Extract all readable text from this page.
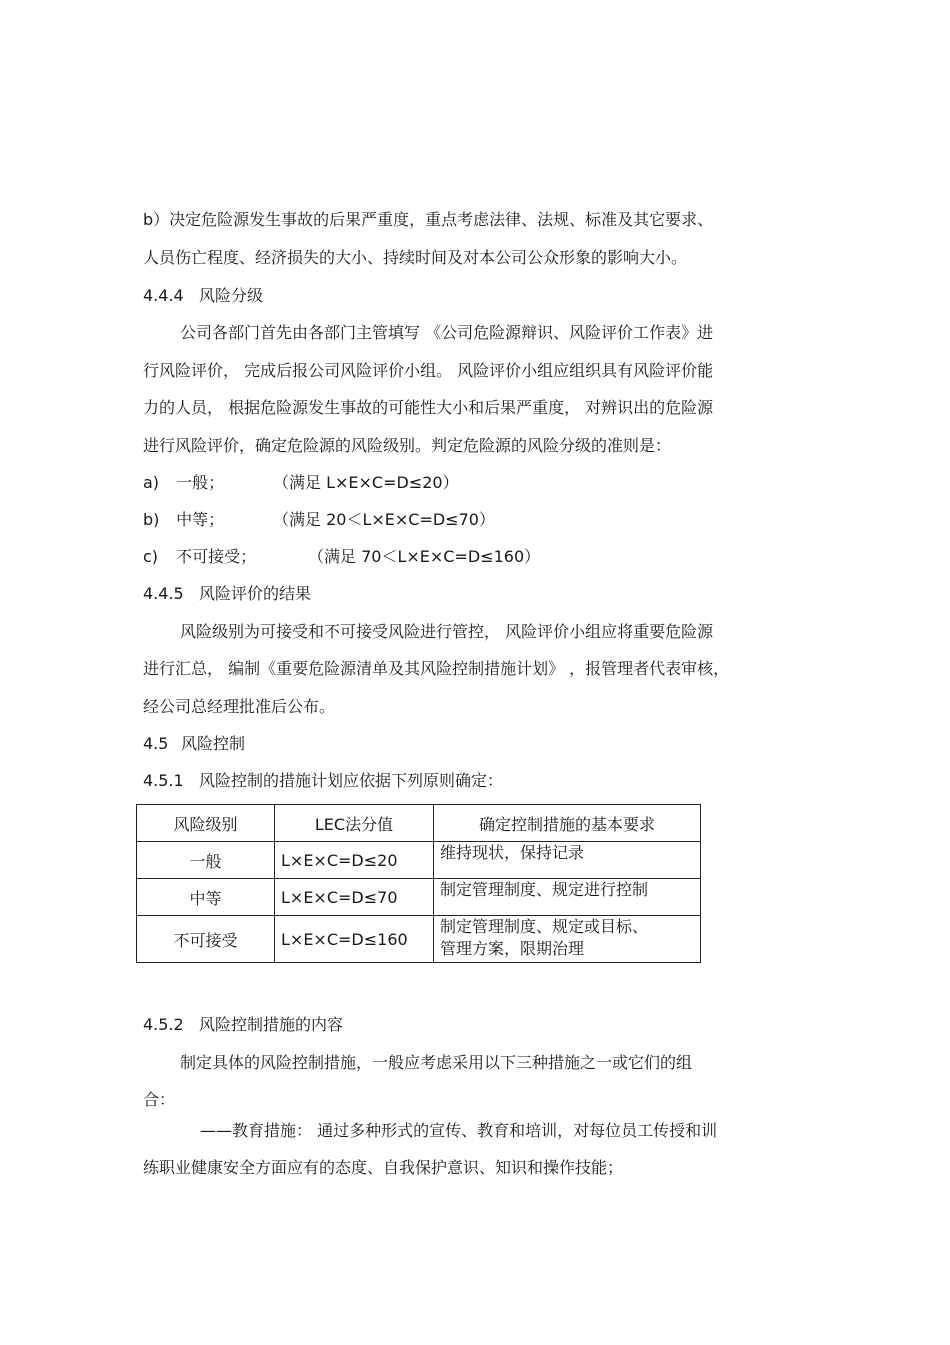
b）决定危险源发生事故的后果严重度，重点考虑法律、法规、标准及其它要求、
人员伤亡程度、经济损失的大小、持续时间及对本公司公众形象的影响大小。
4.4.4 风险分级
公司各部门首先由各部门主管填写 《公司危险源辩识、风险评价工作表》进
行风险评价， 完成后报公司风险评价小组。 风险评价小组应组织具有风险评价能
力的人员， 根据危险源发生事故的可能性大小和后果严重度， 对辨识出的危险源
进行风险评价，确定危险源的风险级别。判定危险源的风险分级的准则是：
a) 一般；	（满足 L×E×C=D≤20）
b) 中等；	（满足 20＜L×E×C=D≤70）
c) 不可接受；	（满足 70＜L×E×C=D≤160）
4.4.5 风险评价的结果
风险级别为可接受和不可接受风险进行管控， 风险评价小组应将重要危险源
进行汇总， 编制《重要危险源清单及其风险控制措施计划》 ，报管理者代表审核，
经公司总经理批准后公布。
4.5 风险控制
4.5.1 风险控制的措施计划应依据下列原则确定：
风险级别	LEC法分值	确定控制措施的基本要求
一般	L×E×C=D≤20	维持现状，保持记录

中等	L×E×C=D≤70	制定管理制度、规定进行控制

不可接受	L×E×C=D≤160	制定管理制度、规定或目标、
管理方案，限期治理
4.5.2 风险控制措施的内容
制定具体的风险控制措施，一般应考虑采用以下三种措施之一或它们的组
合：
——教育措施： 通过多种形式的宣传、教育和培训，对每位员工传授和训
练职业健康安全方面应有的态度、自我保护意识、知识和操作技能；
